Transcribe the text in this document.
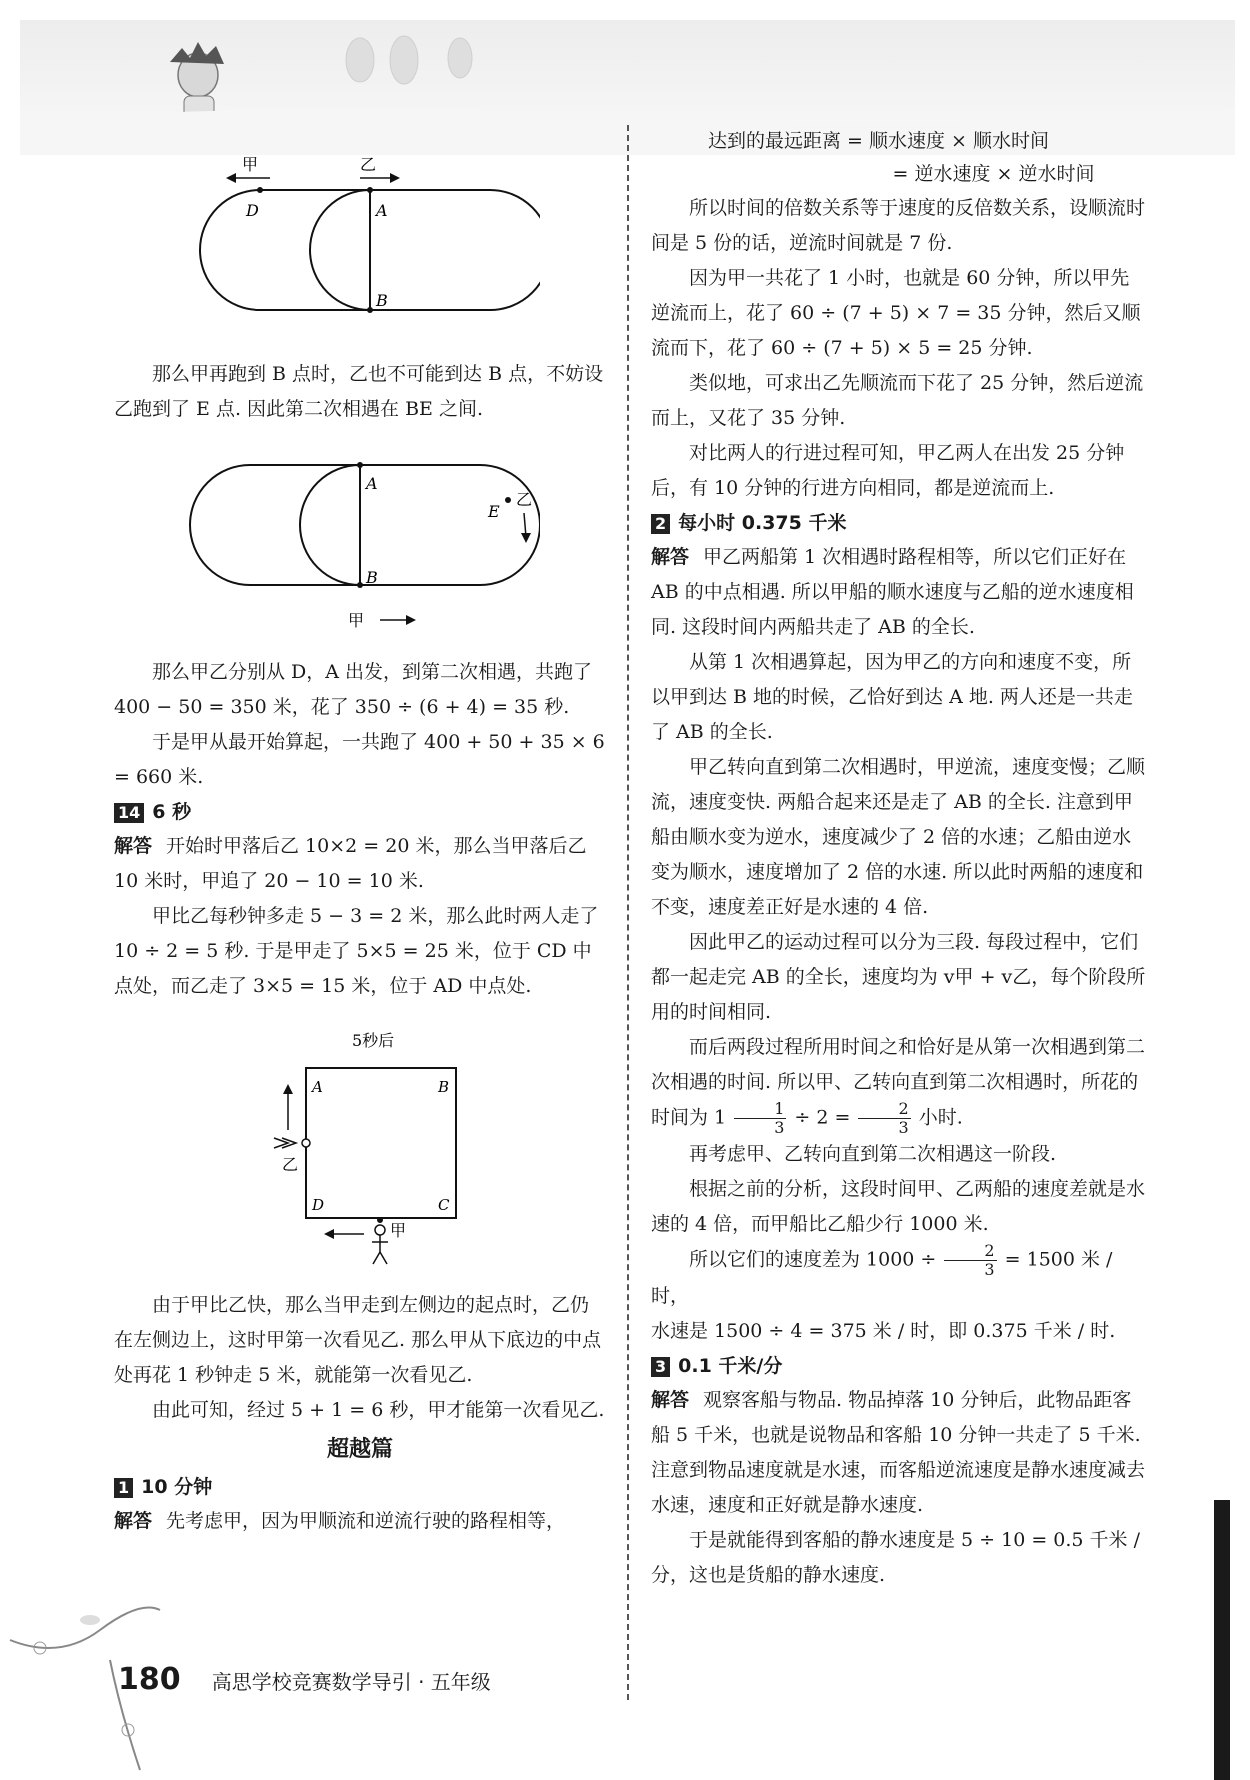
甲	乙
D	A
B
A
B
E
乙
甲
5秒后
A	B
D	C
乙
甲

那么甲再跑到 B 点时，乙也不可能到达 B 点，不妨设乙跑到了 E 点. 因此第二次相遇在 BE 之间.

那么甲乙分别从 D，A 出发，到第二次相遇，共跑了 400 − 50 = 350 米，花了 350 ÷ (6 + 4) = 35 秒.

于是甲从最开始算起，一共跑了 400 + 50 + 35 × 6 = 660 米.

14 6 秒

解答 开始时甲落后乙 10×2 = 20 米，那么当甲落后乙 10 米时，甲追了 20 − 10 = 10 米.

甲比乙每秒钟多走 5 − 3 = 2 米，那么此时两人走了 10 ÷ 2 = 5 秒. 于是甲走了 5×5 = 25 米，位于 CD 中点处，而乙走了 3×5 = 15 米，位于 AD 中点处.

由于甲比乙快，那么当甲走到左侧边的起点时，乙仍在左侧边上，这时甲第一次看见乙. 那么甲从下底边的中点处再花 1 秒钟走 5 米，就能第一次看见乙.

由此可知，经过 5 + 1 = 6 秒，甲才能第一次看见乙.

超越篇
1 10 分钟

解答 先考虑甲，因为甲顺流和逆流行驶的路程相等，

达到的最远距离 = 顺水速度 × 顺水时间
= 逆水速度 × 逆水时间

所以时间的倍数关系等于速度的反倍数关系，设顺流时间是 5 份的话，逆流时间就是 7 份.

因为甲一共花了 1 小时，也就是 60 分钟，所以甲先逆流而上，花了 60 ÷ (7 + 5) × 7 = 35 分钟，然后又顺流而下，花了 60 ÷ (7 + 5) × 5 = 25 分钟.

类似地，可求出乙先顺流而下花了 25 分钟，然后逆流而上，又花了 35 分钟.

对比两人的行进过程可知，甲乙两人在出发 25 分钟后，有 10 分钟的行进方向相同，都是逆流而上.

2 每小时 0.375 千米

解答 甲乙两船第 1 次相遇时路程相等，所以它们正好在 AB 的中点相遇. 所以甲船的顺水速度与乙船的逆水速度相同. 这段时间内两船共走了 AB 的全长.

从第 1 次相遇算起，因为甲乙的方向和速度不变，所以甲到达 B 地的时候，乙恰好到达 A 地. 两人还是一共走了 AB 的全长.

甲乙转向直到第二次相遇时，甲逆流，速度变慢；乙顺流，速度变快. 两船合起来还是走了 AB 的全长. 注意到甲船由顺水变为逆水，速度减少了 2 倍的水速；乙船由逆水变为顺水，速度增加了 2 倍的水速. 所以此时两船的速度和不变，速度差正好是水速的 4 倍.

因此甲乙的运动过程可以分为三段. 每段过程中，它们都一起走完 AB 的全长，速度均为 v甲 + v乙，每个阶段所用的时间相同.

而后两段过程所用时间之和恰好是从第一次相遇到第二次相遇的时间. 所以甲、乙转向直到第二次相遇时，所花的时间为 $1 \frac{1}{3} \div 2 = \frac{2}{3}$ 小时.

再考虑甲、乙转向直到第二次相遇这一阶段.

根据之前的分析，这段时间甲、乙两船的速度差就是水速的 4 倍，而甲船比乙船少行 1000 米.

所以它们的速度差为 $1000 \div \frac{2}{3} = 1500$ 米 / 时，

水速是 1500 ÷ 4 = 375 米 / 时，即 0.375 千米 / 时.

3 0.1 千米/分

解答 观察客船与物品. 物品掉落 10 分钟后，此物品距客船 5 千米，也就是说物品和客船 10 分钟一共走了 5 千米. 注意到物品速度就是水速，而客船逆流速度是静水速度减去水速，速度和正好就是静水速度.

于是就能得到客船的静水速度是 5 ÷ 10 = 0.5 千米 / 分，这也是货船的静水速度.

180 高思学校竞赛数学导引 · 五年级
